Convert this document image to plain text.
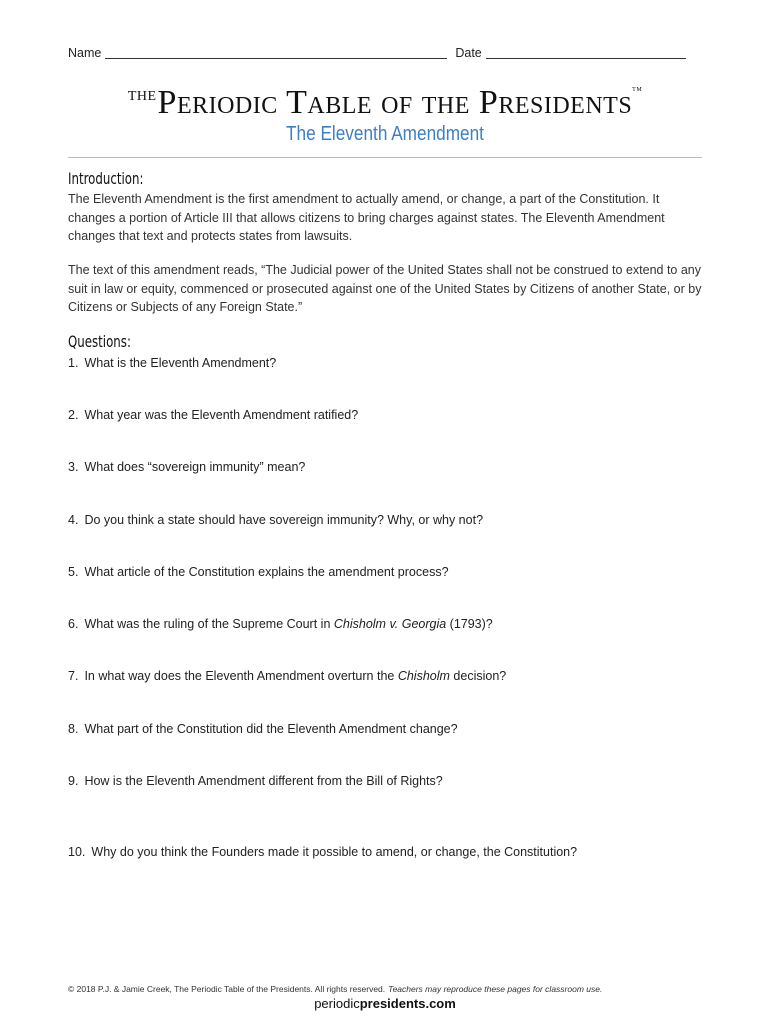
Name	Date
THEPeriodic Table of the Presidents™
The Eleventh Amendment
Introduction:

The Eleventh Amendment is the first amendment to actually amend, or change, a part of the Constitution. It changes a portion of Article III that allows citizens to bring charges against states. The Eleventh Amendment changes that text and protects states from lawsuits.

The text of this amendment reads, “The Judicial power of the United States shall not be construed to extend to any suit in law or equity, commenced or prosecuted against one of the United States by Citizens of another State, or by Citizens or Subjects of any Foreign State.”

Questions:

1. What is the Eleventh Amendment?

2. What year was the Eleventh Amendment ratified?

3. What does “sovereign immunity” mean?

4. Do you think a state should have sovereign immunity? Why, or why not?

5. What article of the Constitution explains the amendment process?

6. What was the ruling of the Supreme Court in Chisholm v. Georgia (1793)?

7. In what way does the Eleventh Amendment overturn the Chisholm decision?

8. What part of the Constitution did the Eleventh Amendment change?

9. How is the Eleventh Amendment different from the Bill of Rights?

10. Why do you think the Founders made it possible to amend, or change, the Constitution?

© 2018 P.J. & Jamie Creek, The Periodic Table of the Presidents. All rights reserved. Teachers may reproduce these pages for classroom use.
periodicpresidents.com
